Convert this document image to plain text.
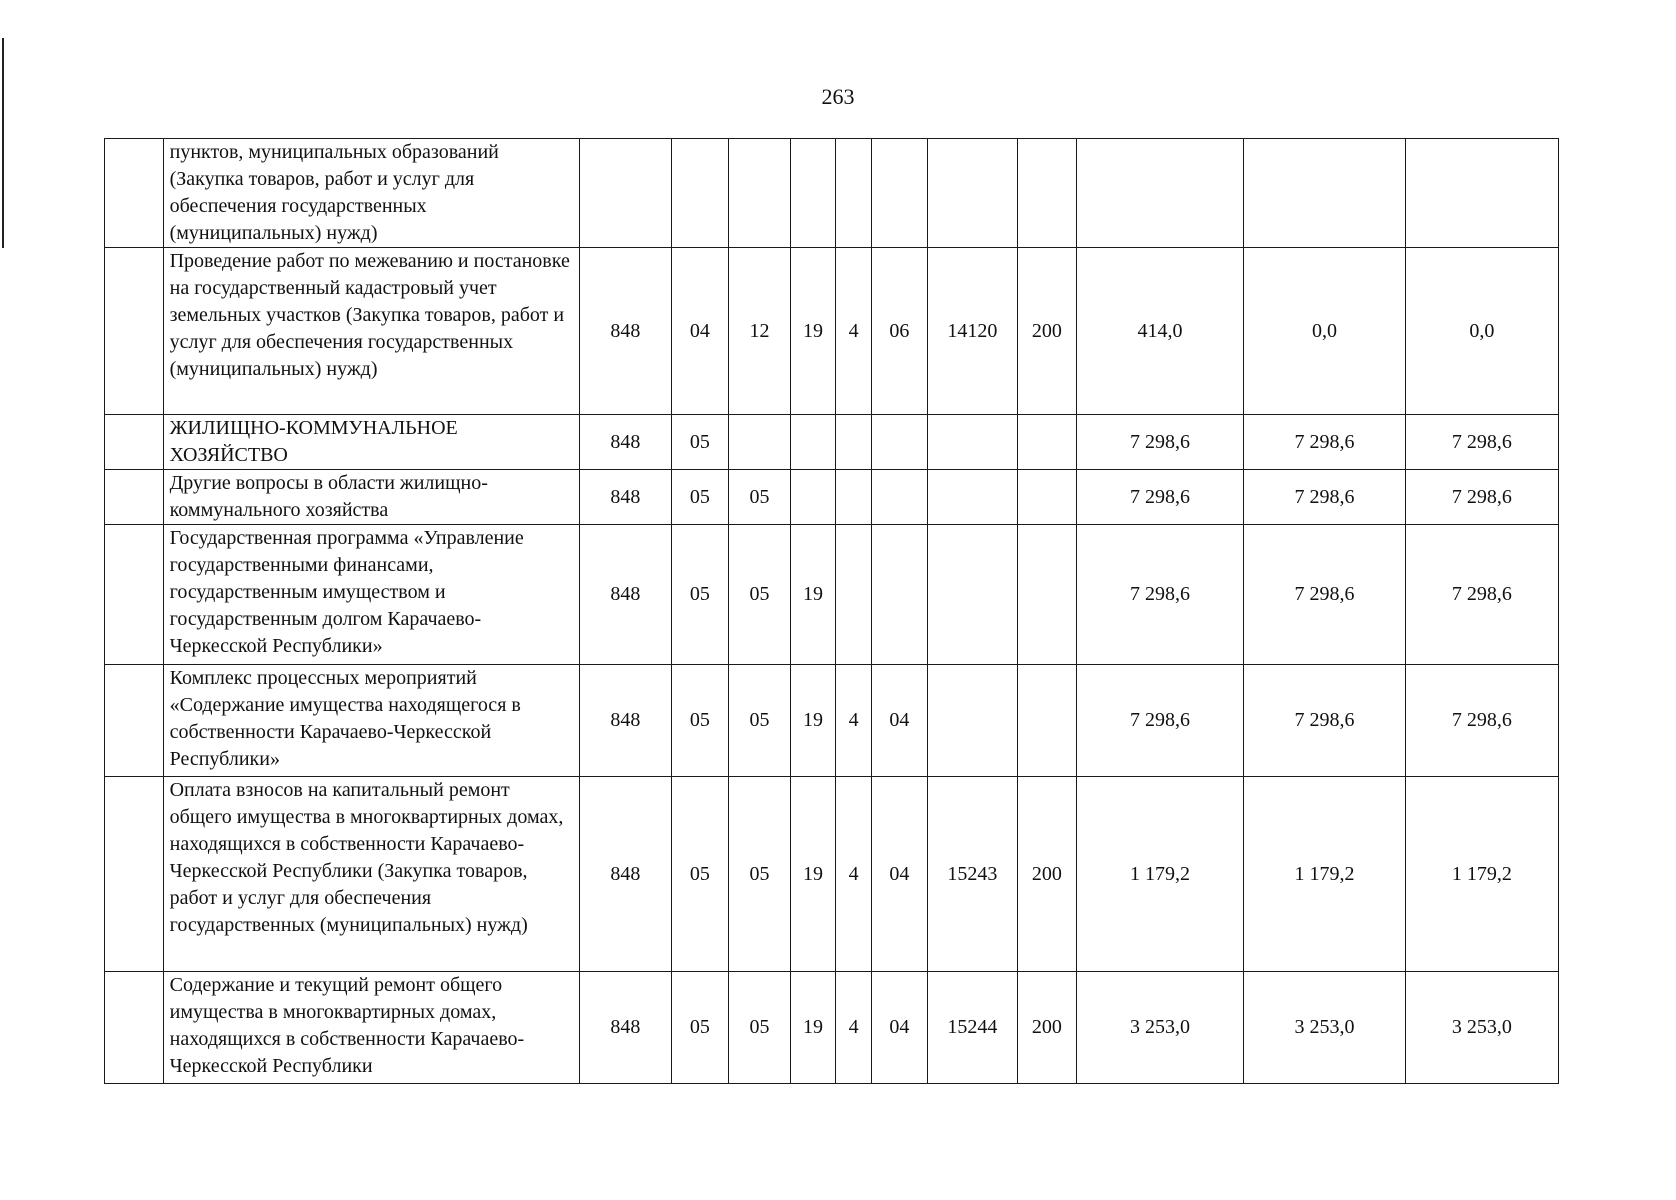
263
	пунктов, муниципальных образований (Закупка товаров, работ и услуг для обеспечения государственных (муниципальных) нужд)											
	Проведение работ по межеванию и постановке на государственный кадастровый учет земельных участков (Закупка товаров, работ и услуг для обеспечения государственных (муниципальных) нужд)	848	04	12	19	4	06	14120	200	414,0	0,0	0,0
	ЖИЛИЩНО-КОММУНАЛЬНОЕ ХОЗЯЙСТВО	848	05							7 298,6	7 298,6	7 298,6
	Другие вопросы в области жилищно-коммунального хозяйства	848	05	05						7 298,6	7 298,6	7 298,6
	Государственная программа «Управление государственными финансами, государственным имуществом и государственным долгом Карачаево-Черкесской Республики»	848	05	05	19					7 298,6	7 298,6	7 298,6
	Комплекс процессных мероприятий «Содержание имущества находящегося в собственности Карачаево-Черкесской Республики»	848	05	05	19	4	04			7 298,6	7 298,6	7 298,6
	Оплата взносов на капитальный ремонт общего имущества в многоквартирных домах, находящихся в собственности Карачаево-Черкесской Республики (Закупка товаров, работ и услуг для обеспечения государственных (муниципальных) нужд)	848	05	05	19	4	04	15243	200	1 179,2	1 179,2	1 179,2
	Содержание и текущий ремонт общего имущества в многоквартирных домах, находящихся в собственности Карачаево-Черкесской Республики	848	05	05	19	4	04	15244	200	3 253,0	3 253,0	3 253,0
